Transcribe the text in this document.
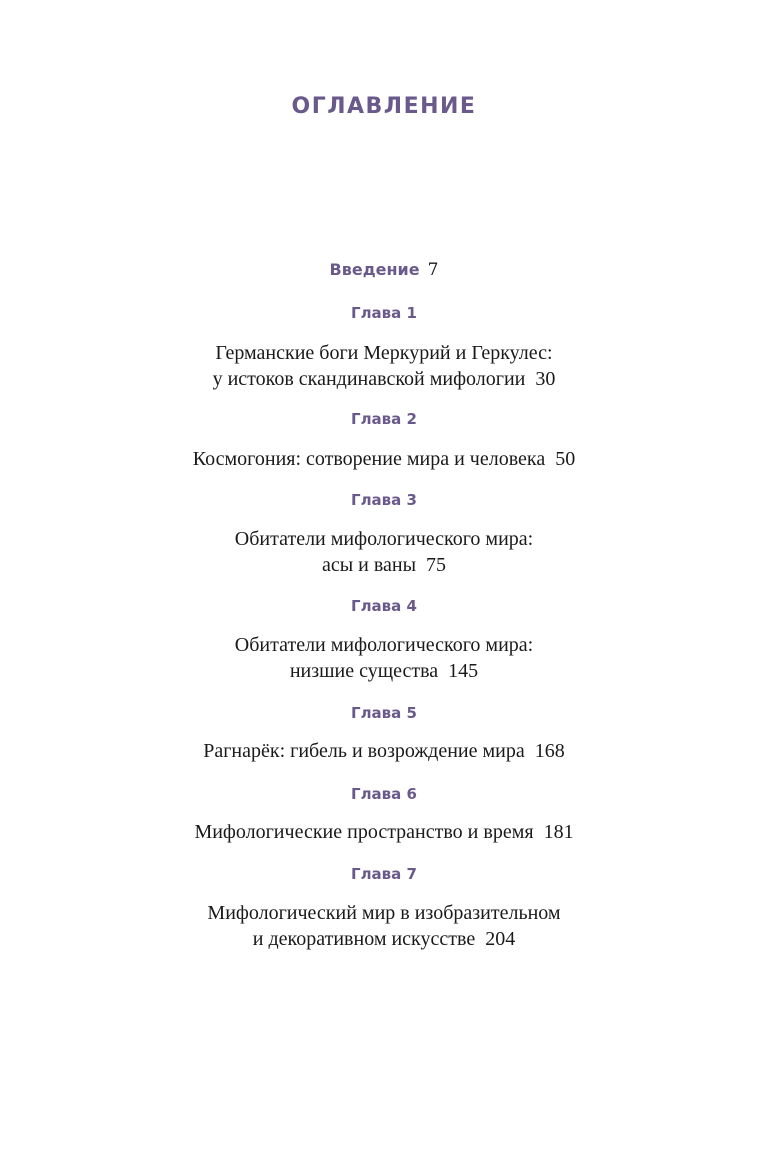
ОГЛАВЛЕНИЕ
Введение 7
Глава 1
Германские боги Меркурий и Геркулес:
у истоков скандинавской мифологии 30
Глава 2
Космогония: сотворение мира и человека 50
Глава 3
Обитатели мифологического мира:
асы и ваны 75
Глава 4
Обитатели мифологического мира:
низшие существа 145
Глава 5
Рагнарёк: гибель и возрождение мира 168
Глава 6
Мифологические пространство и время 181
Глава 7
Мифологический мир в изобразительном
и декоративном искусстве 204
